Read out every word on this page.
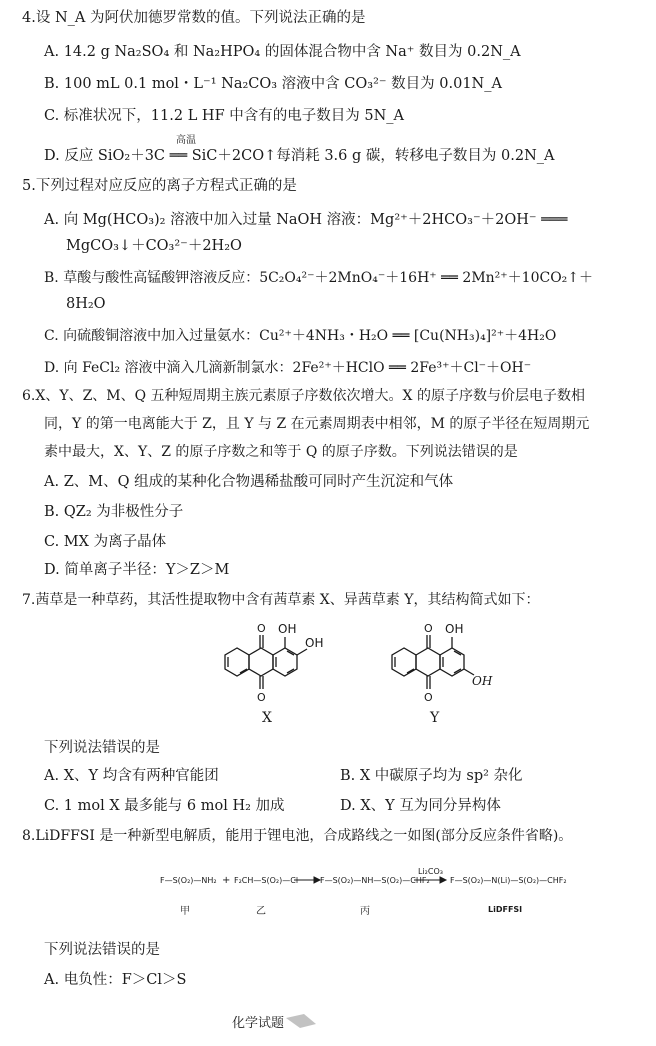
4.设 N_A 为阿伏加德罗常数的值。下列说法正确的是
A. 14.2 g Na₂SO₄ 和 Na₂HPO₄ 的固体混合物中含 Na⁺ 数目为 0.2N_A
B. 100 mL 0.1 mol・L⁻¹ Na₂CO₃ 溶液中含 CO₃²⁻ 数目为 0.01N_A
C. 标准状况下，11.2 L HF 中含有的电子数目为 5N_A
高温
D. 反应 SiO₂＋3C ══ SiC＋2CO↑每消耗 3.6 g 碳，转移电子数目为 0.2N_A
5.下列过程对应反应的离子方程式正确的是
A. 向 Mg(HCO₃)₂ 溶液中加入过量 NaOH 溶液：Mg²⁺＋2HCO₃⁻＋2OH⁻ ═══
MgCO₃↓＋CO₃²⁻＋2H₂O
B. 草酸与酸性高锰酸钾溶液反应：5C₂O₄²⁻＋2MnO₄⁻＋16H⁺ ══ 2Mn²⁺＋10CO₂↑＋
8H₂O
C. 向硫酸铜溶液中加入过量氨水：Cu²⁺＋4NH₃・H₂O ══ [Cu(NH₃)₄]²⁺＋4H₂O
D. 向 FeCl₂ 溶液中滴入几滴新制氯水：2Fe²⁺＋HClO ══ 2Fe³⁺＋Cl⁻＋OH⁻
6.X、Y、Z、M、Q 五种短周期主族元素原子序数依次增大。X 的原子序数与价层电子数相
同，Y 的第一电离能大于 Z，且 Y 与 Z 在元素周期表中相邻，M 的原子半径在短周期元
素中最大，X、Y、Z 的原子序数之和等于 Q 的原子序数。下列说法错误的是
A. Z、M、Q 组成的某种化合物遇稀盐酸可同时产生沉淀和气体
B. QZ₂ 为非极性分子
C. MX 为离子晶体
D. 简单离子半径：Y＞Z＞M
7.茜草是一种草药，其活性提取物中含有茜草素 X、异茜草素 Y，其结构简式如下：
O
O
OH
OH
X
O
O
OH
OH
Y
下列说法错误的是
A. X、Y 均含有两种官能团	B. X 中碳原子均为 sp² 杂化
C. 1 mol X 最多能与 6 mol H₂ 加成	D. X、Y 互为同分异构体
8.LiDFFSI 是一种新型电解质，能用于锂电池，合成路线之一如图(部分反应条件省略)。
F—S(O₂)—NH₂ + F₂CH—S(O₂)—Cl	F—S(O₂)—NH—S(O₂)—CHF₂
Li₂CO₃
F—S(O₂)—N(Li)—S(O₂)—CHF₂
LiDFFSI
甲	乙	丙
下列说法错误的是
A. 电负性：F＞Cl＞S
化学试题
